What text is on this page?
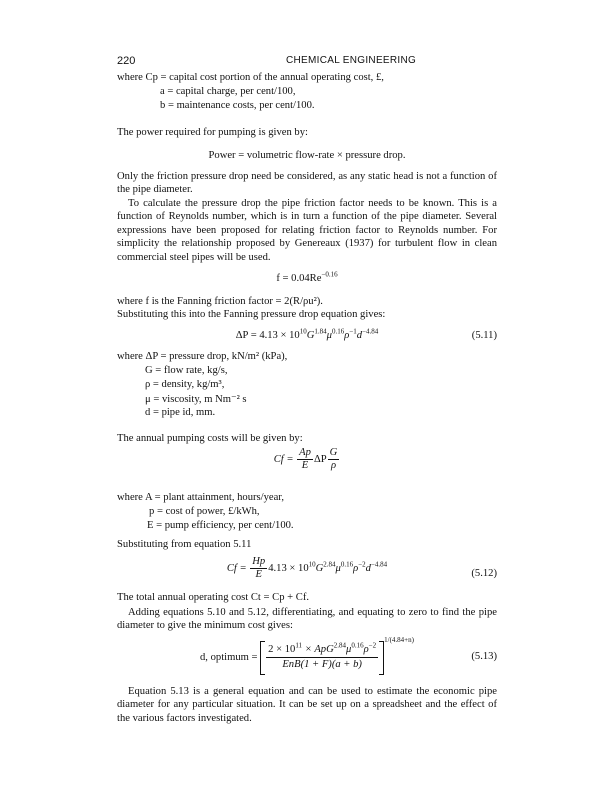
220	CHEMICAL ENGINEERING
where Cp = capital cost portion of the annual operating cost, £,
a = capital charge, per cent/100,
b = maintenance costs, per cent/100.
The power required for pumping is given by:
Power = volumetric flow-rate × pressure drop.
Only the friction pressure drop need be considered, as any static head is not a function of the pipe diameter.
To calculate the pressure drop the pipe friction factor needs to be known. This is a function of Reynolds number, which is in turn a function of the pipe diameter. Several expressions have been proposed for relating friction factor to Reynolds number. For simplicity the relationship proposed by Genereaux (1937) for turbulent flow in clean commercial steel pipes will be used.
$f = 0.04Re^{-0.16}$
where f is the Fanning friction factor = 2(R/ρu²).
Substituting this into the Fanning pressure drop equation gives:
$\Delta P = 4.13 \times 10^{10}G^{1.84}\mu^{0.16}\rho^{-1}d^{-4.84}$	(5.11)
where ΔP = pressure drop, kN/m² (kPa),
G = flow rate, kg/s,
ρ = density, kg/m³,
μ = viscosity, m Nm⁻² s
d = pipe id, mm.
The annual pumping costs will be given by:
$Cf = \frac{Ap}{E}$ ΔP $\frac{G}{\rho}$
where A = plant attainment, hours/year,
p = cost of power, £/kWh,
E = pump efficiency, per cent/100.
Substituting from equation 5.11
$Cf = \frac{Hp}{E} 4.13 \times 10^{10}G^{2.84}\mu^{0.16}\rho^{-2}d^{-4.84}$
(5.12)
The total annual operating cost Ct = Cp + Cf.
Adding equations 5.10 and 5.12, differentiating, and equating to zero to find the pipe diameter to give the minimum cost gives:
d, optimum = $\frac{2 \times 10^{11} \times ApG^{2.84}\mu^{0.16}\rho^{-2}}{\text{EnB(1 + F)(a + b)}}$
$^{1/(4.84+n)}$
(5.13)
Equation 5.13 is a general equation and can be used to estimate the economic pipe diameter for any particular situation. It can be set up on a spreadsheet and the effect of the various factors investigated.
